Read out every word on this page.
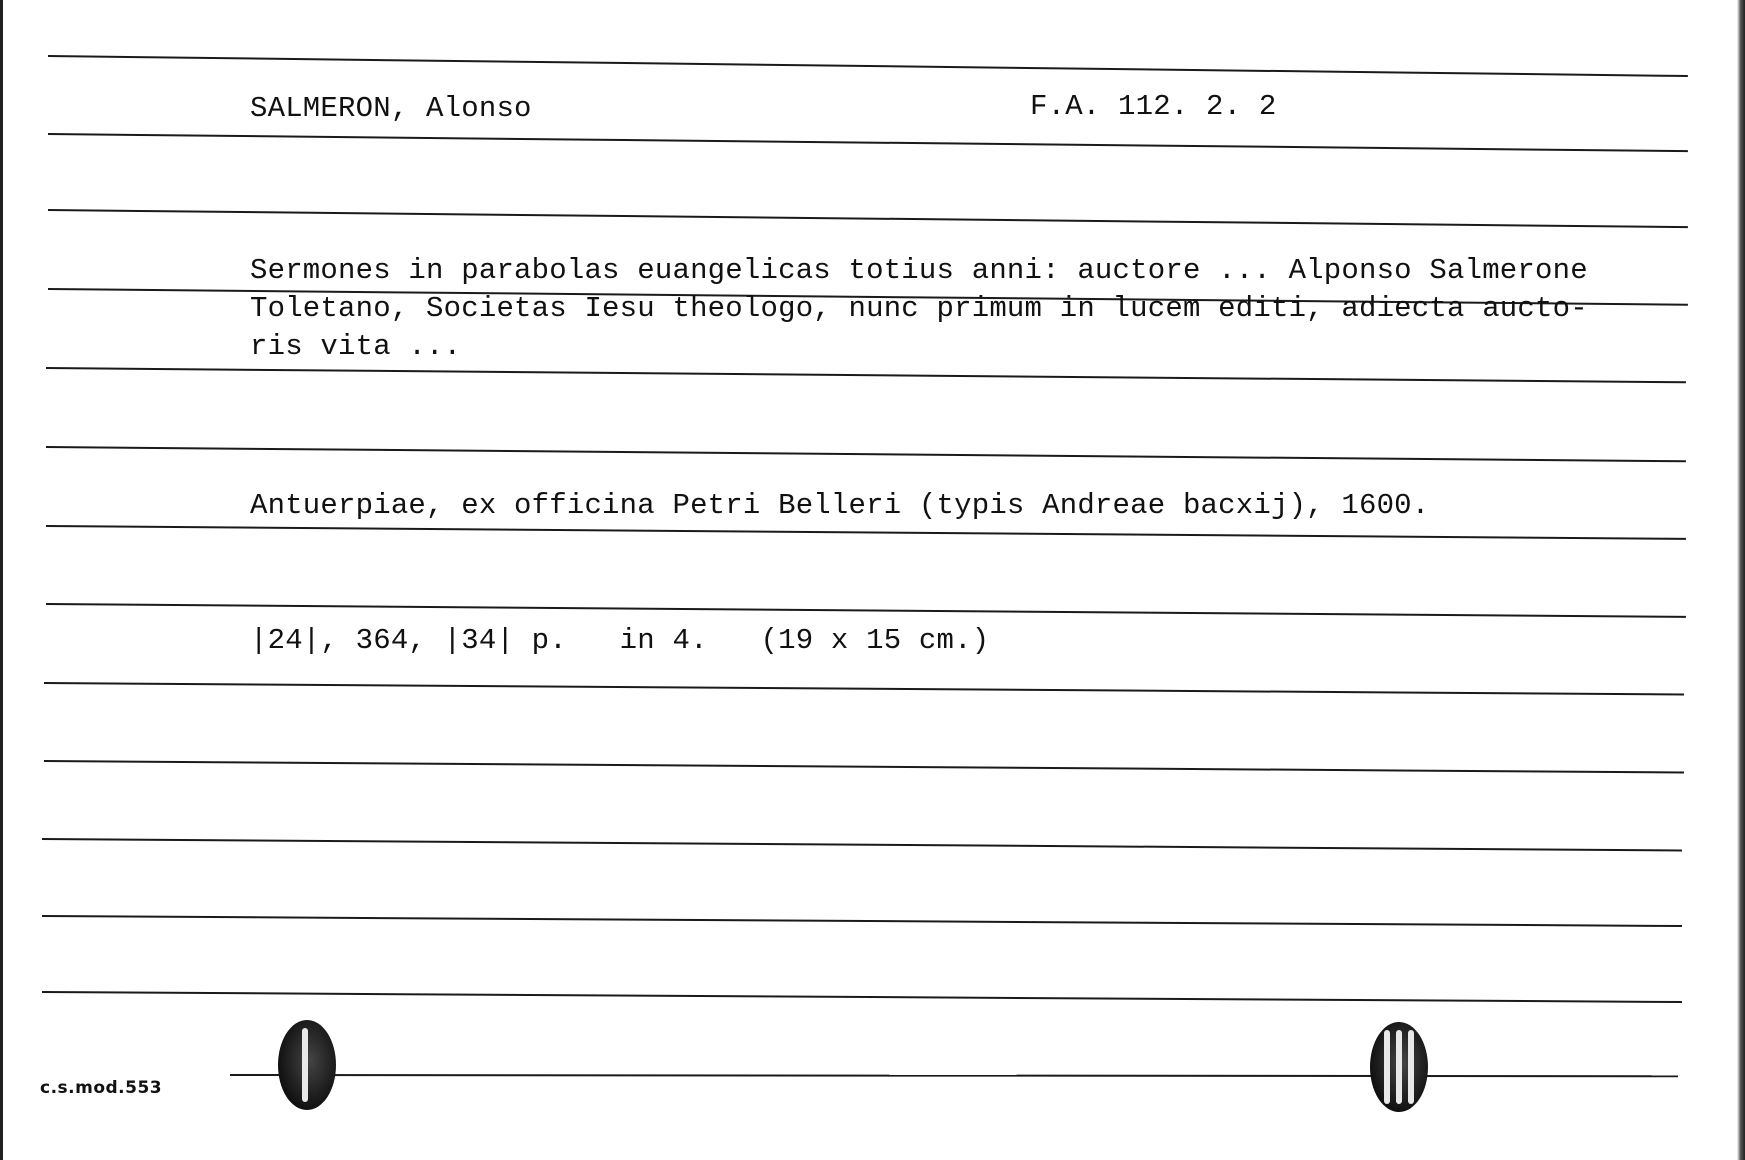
SALMERON, Alonso	F.A. 112. 2. 2
Sermones in parabolas euangelicas totius anni: auctore ... Alponso Salmerone
Toletano, Societas Iesu theologo, nunc primum in lucem editi, adiecta aucto-
ris vita ...
Antuerpiae, ex officina Petri Belleri (typis Andreae bacxij), 1600.
|24|, 364, |34| p.   in 4.   (19 x 15 cm.)
c.s.mod.553
